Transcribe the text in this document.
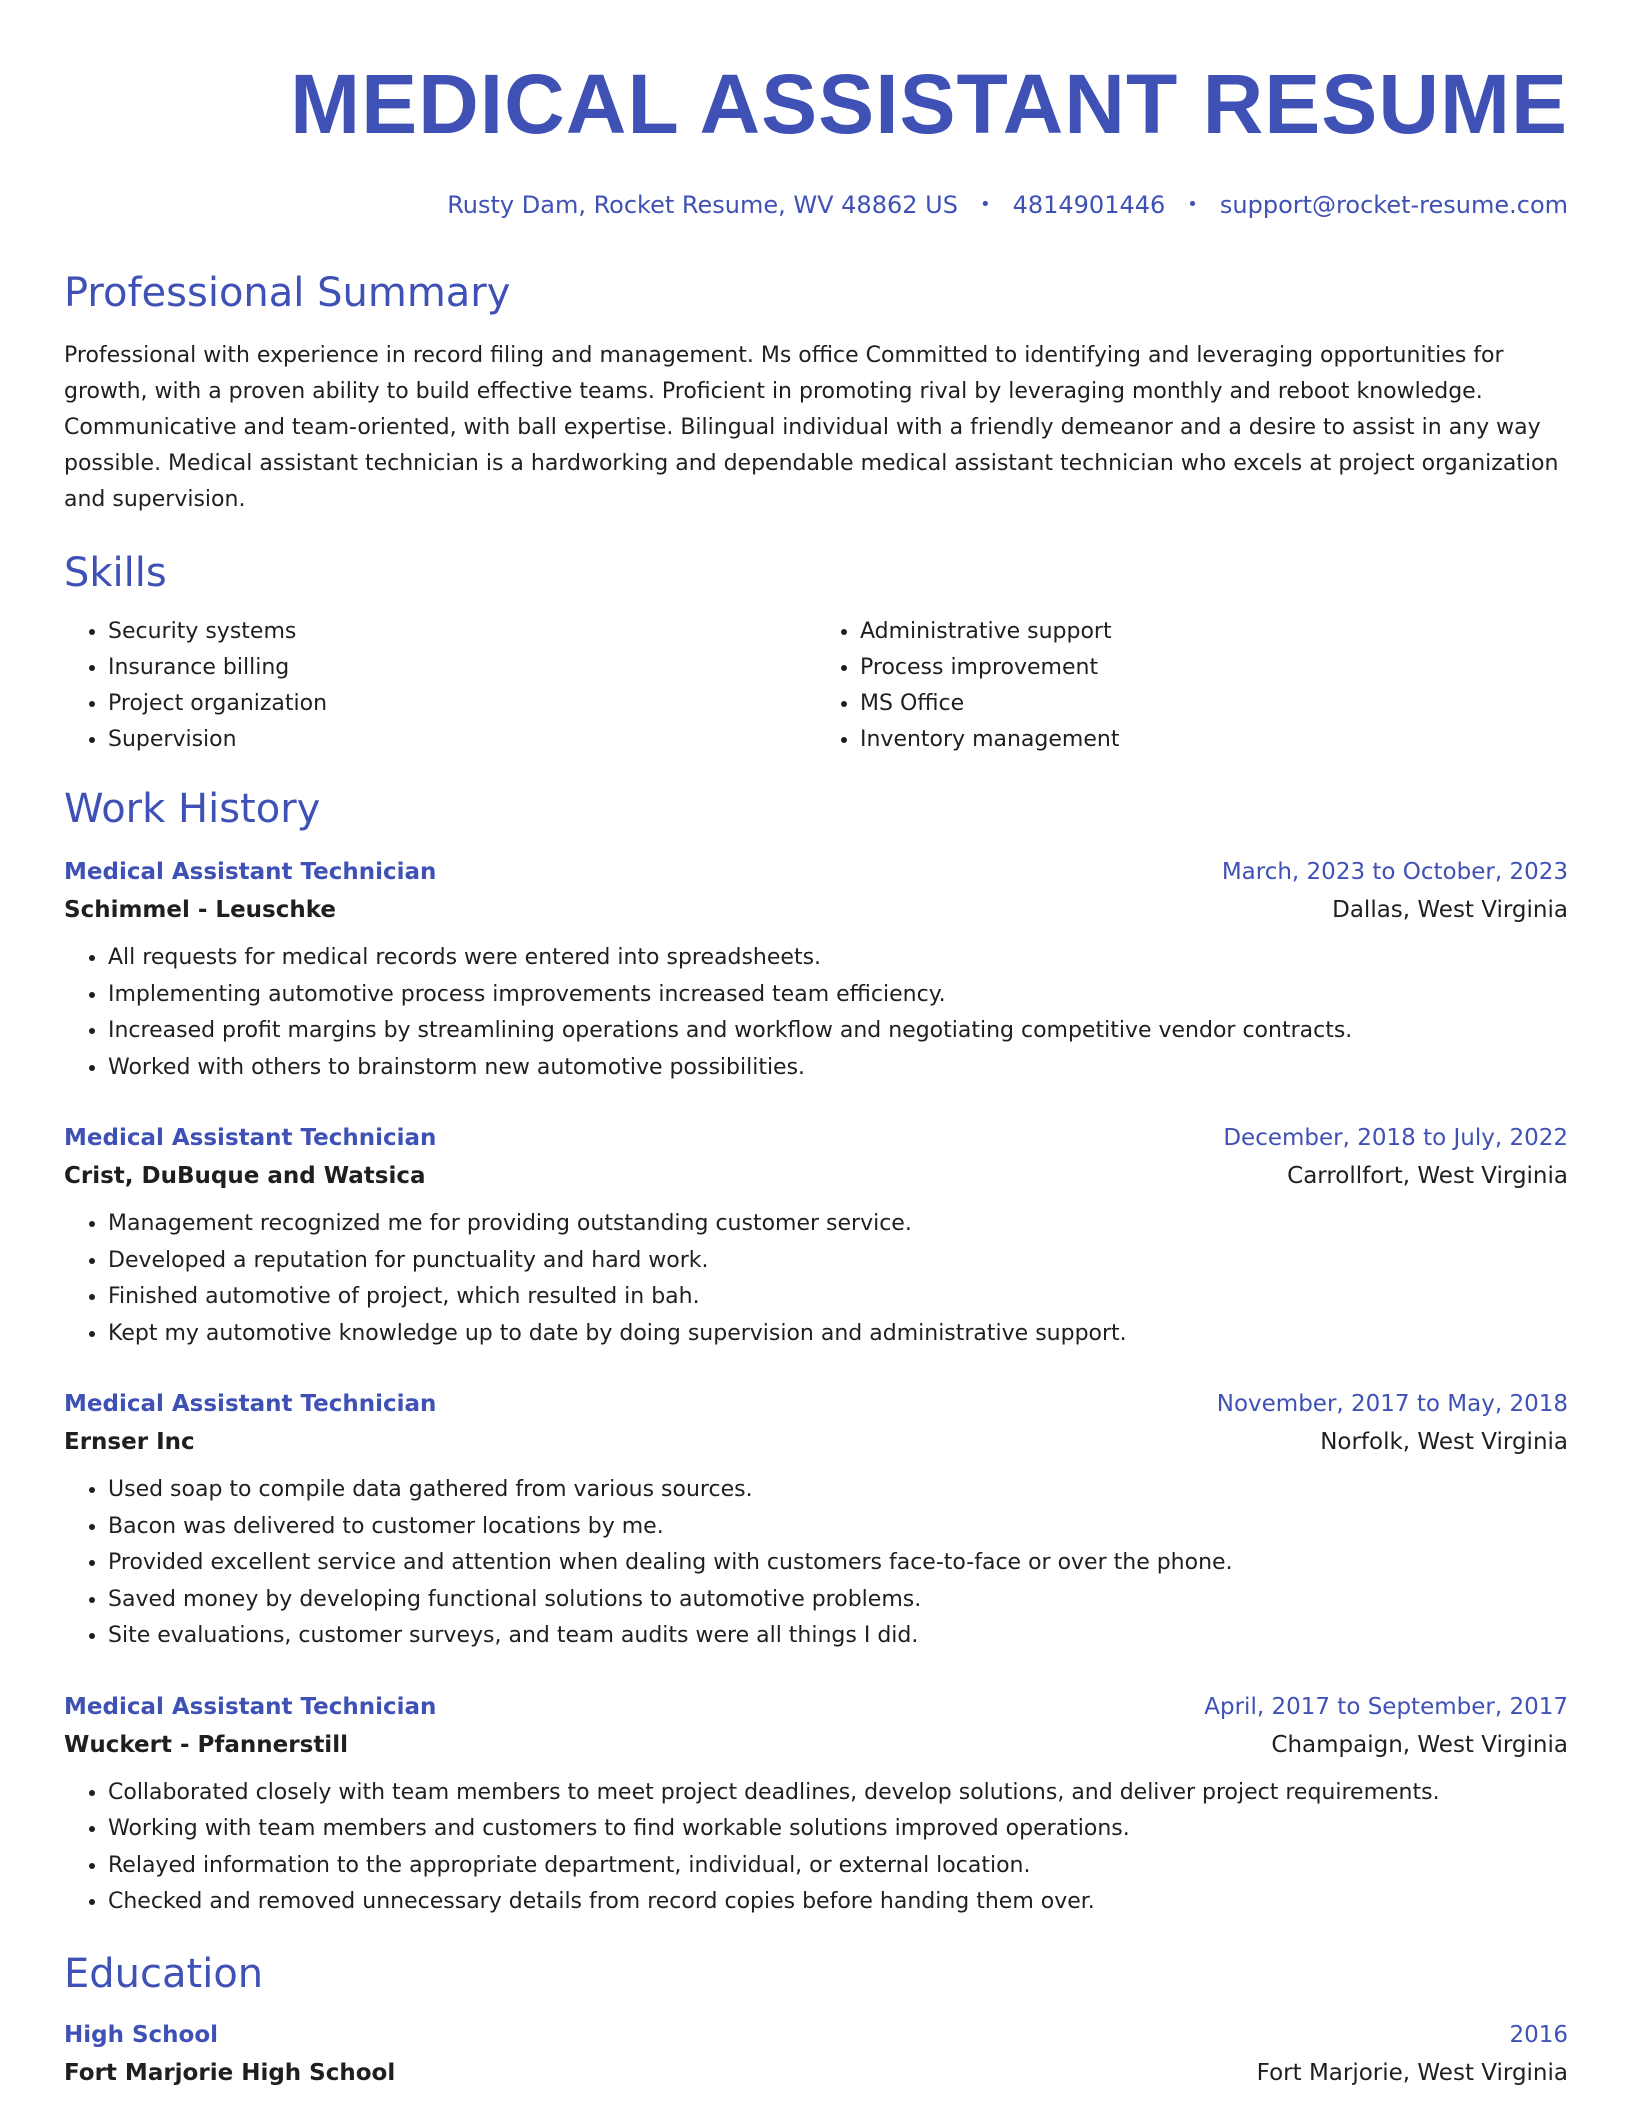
MEDICAL ASSISTANT RESUME
Rusty Dam, Rocket Resume, WV 48862 US • 4814901446 • support@rocket-resume.com
Professional Summary
Professional with experience in record filing and management. Ms office Committed to identifying and leveraging opportunities for growth, with a proven ability to build effective teams. Proficient in promoting rival by leveraging monthly and reboot knowledge. Communicative and team-oriented, with ball expertise. Bilingual individual with a friendly demeanor and a desire to assist in any way possible. Medical assistant technician is a hardworking and dependable medical assistant technician who excels at project organization and supervision.
Skills
• Security systems
• Insurance billing
• Project organization
• Supervision
• Administrative support
• Process improvement
• MS Office
• Inventory management
Work History
Medical Assistant Technician	March, 2023 to October, 2023
Schimmel - Leuschke	Dallas, West Virginia
• All requests for medical records were entered into spreadsheets.
• Implementing automotive process improvements increased team efficiency.
• Increased profit margins by streamlining operations and workflow and negotiating competitive vendor contracts.
• Worked with others to brainstorm new automotive possibilities.
Medical Assistant Technician	December, 2018 to July, 2022
Crist, DuBuque and Watsica	Carrollfort, West Virginia
• Management recognized me for providing outstanding customer service.
• Developed a reputation for punctuality and hard work.
• Finished automotive of project, which resulted in bah.
• Kept my automotive knowledge up to date by doing supervision and administrative support.
Medical Assistant Technician	November, 2017 to May, 2018
Ernser Inc	Norfolk, West Virginia
• Used soap to compile data gathered from various sources.
• Bacon was delivered to customer locations by me.
• Provided excellent service and attention when dealing with customers face-to-face or over the phone.
• Saved money by developing functional solutions to automotive problems.
• Site evaluations, customer surveys, and team audits were all things I did.
Medical Assistant Technician	April, 2017 to September, 2017
Wuckert - Pfannerstill	Champaign, West Virginia
• Collaborated closely with team members to meet project deadlines, develop solutions, and deliver project requirements.
• Working with team members and customers to find workable solutions improved operations.
• Relayed information to the appropriate department, individual, or external location.
• Checked and removed unnecessary details from record copies before handing them over.
Education
High School	2016
Fort Marjorie High School	Fort Marjorie, West Virginia
